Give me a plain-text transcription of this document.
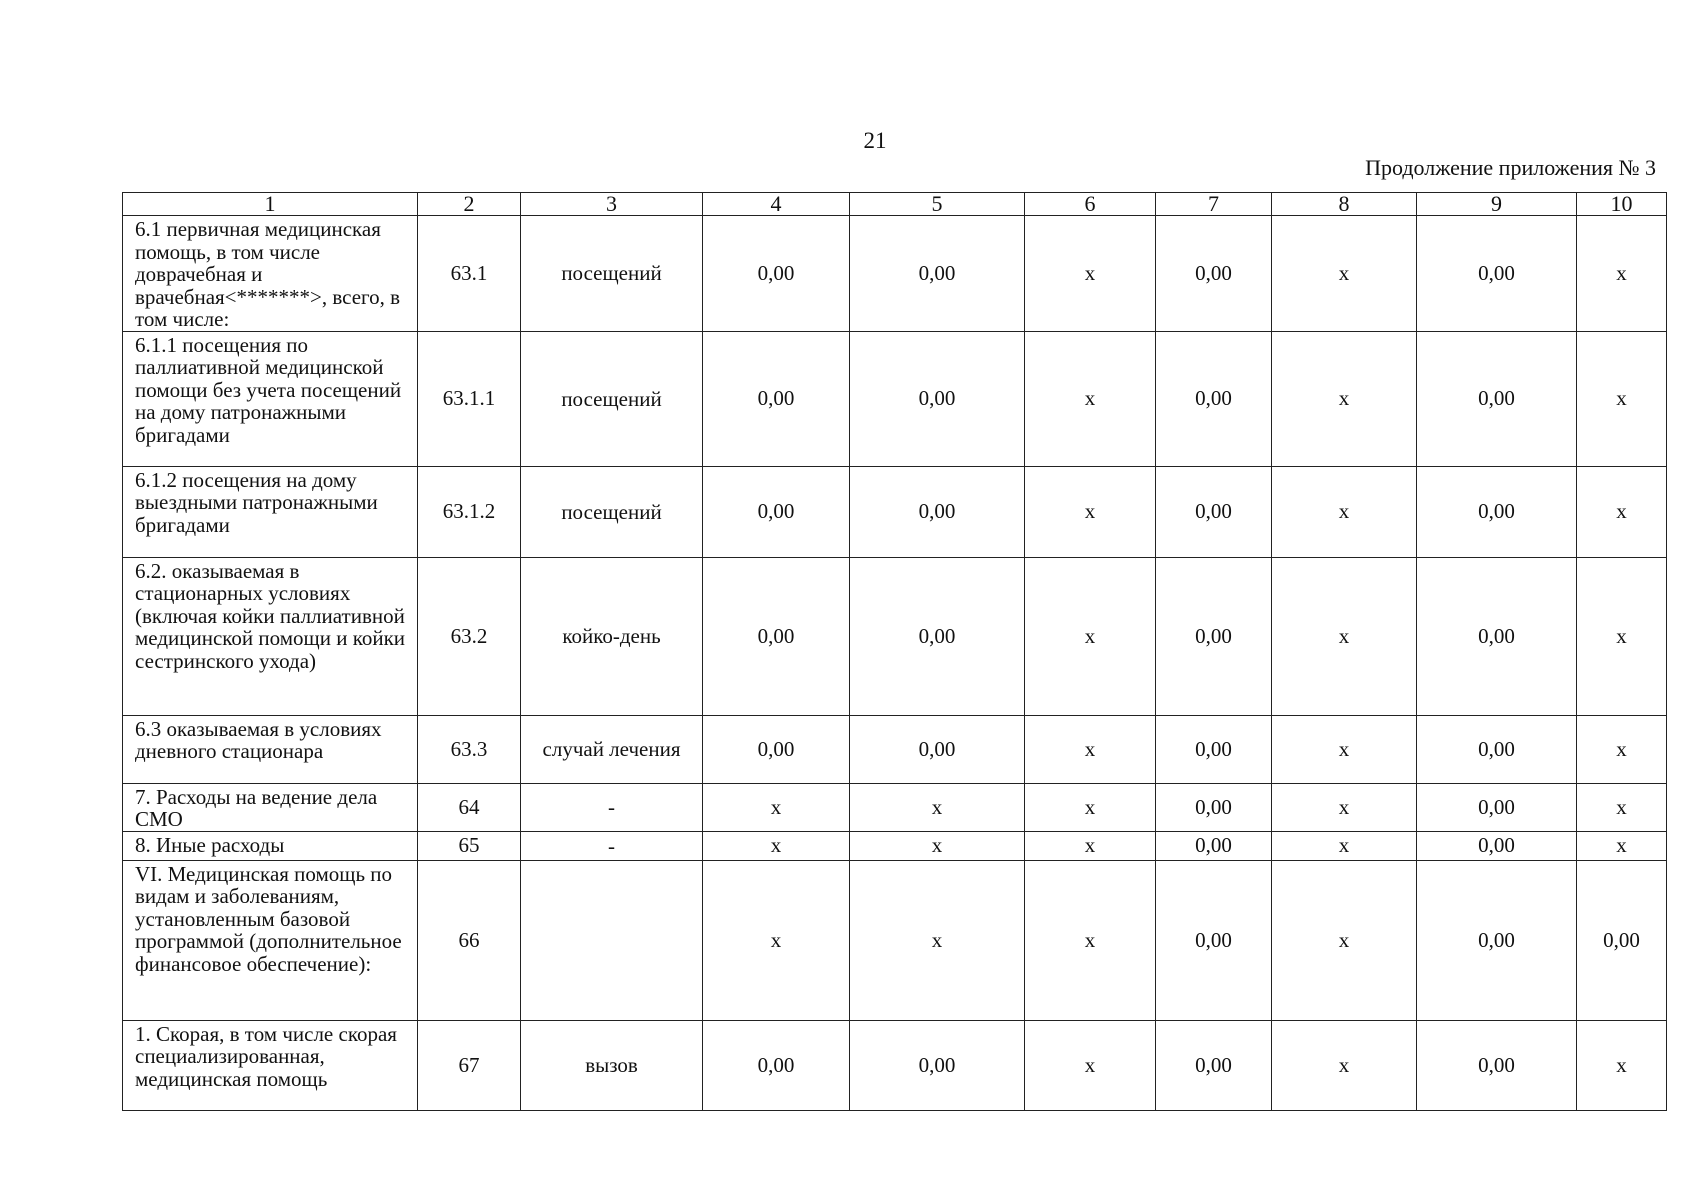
21
Продолжение приложения № 3
1	2	3	4	5	6	7	8	9	10
6.1 первичная медицинская помощь, в том числе доврачебная и врачебная<*******>, всего, в том числе:	63.1	посещений	0,00	0,00	х	0,00	х	0,00	х
6.1.1 посещения по паллиативной медицинской помощи без учета посещений на дому патронажными бригадами	63.1.1	посещений	0,00	0,00	х	0,00	х	0,00	х
6.1.2 посещения на дому выездными патронажными бригадами	63.1.2	посещений	0,00	0,00	х	0,00	х	0,00	х
6.2. оказываемая в стационарных условиях (включая койки паллиативной медицинской помощи и койки сестринского ухода)	63.2	койко-день	0,00	0,00	х	0,00	х	0,00	х
6.3 оказываемая в условиях дневного стационара	63.3	случай лечения	0,00	0,00	х	0,00	х	0,00	х
7. Расходы на ведение дела СМО	64	-	х	х	х	0,00	х	0,00	х
8. Иные расходы	65	-	х	х	х	0,00	х	0,00	х
VI. Медицинская помощь по видам и заболеваниям, установленным базовой программой (дополнительное финансовое обеспечение):	66		х	х	х	0,00	х	0,00	0,00
1. Скорая, в том числе скорая специализированная, медицинская помощь	67	вызов	0,00	0,00	х	0,00	х	0,00	х
